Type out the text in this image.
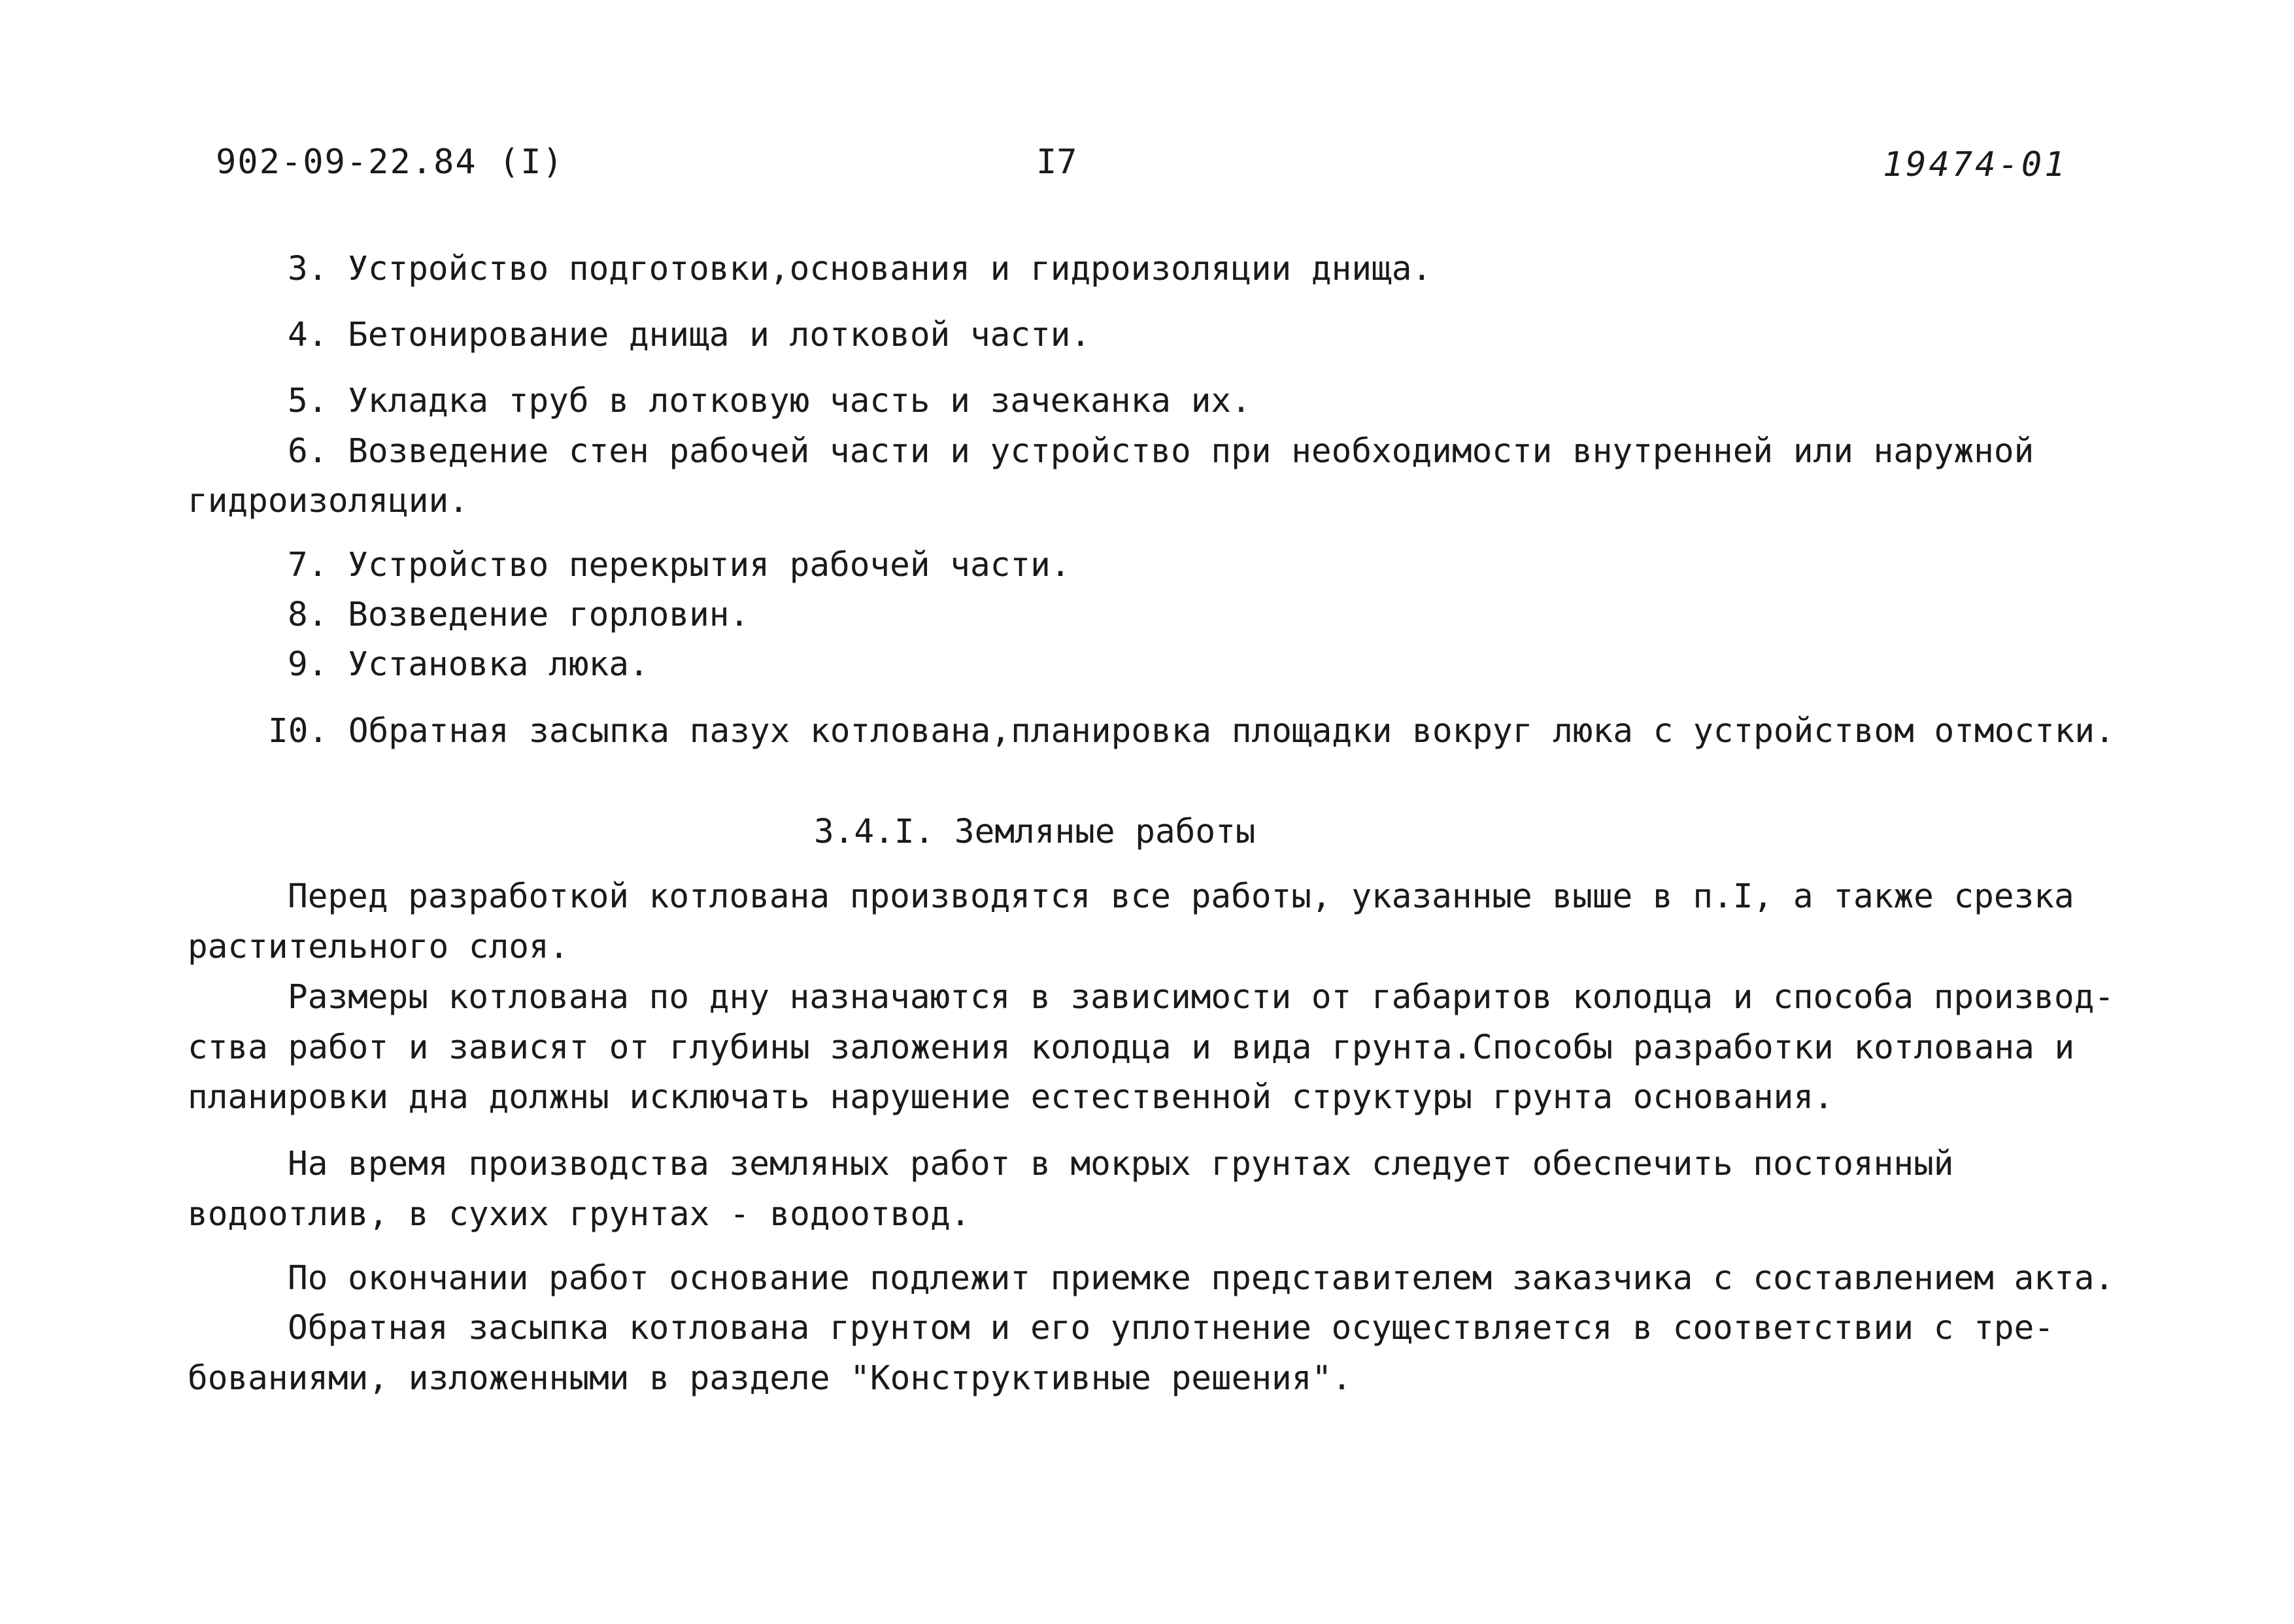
902-09-22.84 (I)	I7	19474-01
3. Устройство подготовки,основания и гидроизоляции днища.
4. Бетонирование днища и лотковой части.
5. Укладка труб в лотковую часть и зачеканка их.
6. Возведение стен рабочей части и устройство при необходимости внутренней или наружной
гидроизоляции.
7. Устройство перекрытия рабочей части.
8. Возведение горловин.
9. Установка люка.
I0. Обратная засыпка пазух котлована,планировка площадки вокруг люка с устройством отмостки.
3.4.I. Земляные работы
Перед разработкой котлована производятся все работы, указанные выше в п.I, а также срезка
растительного слоя.
Размеры котлована по дну назначаются в зависимости от габаритов колодца и способа производ-
ства работ и зависят от глубины заложения колодца и вида грунта.Способы разработки котлована и
планировки дна должны исключать нарушение естественной структуры грунта основания.
На время производства земляных работ в мокрых грунтах следует обеспечить постоянный
водоотлив, в сухих грунтах - водоотвод.
По окончании работ основание подлежит приемке представителем заказчика с составлением акта.
Обратная засыпка котлована грунтом и его уплотнение осуществляется в соответствии с тре-
бованиями, изложенными в разделе "Конструктивные решения".
